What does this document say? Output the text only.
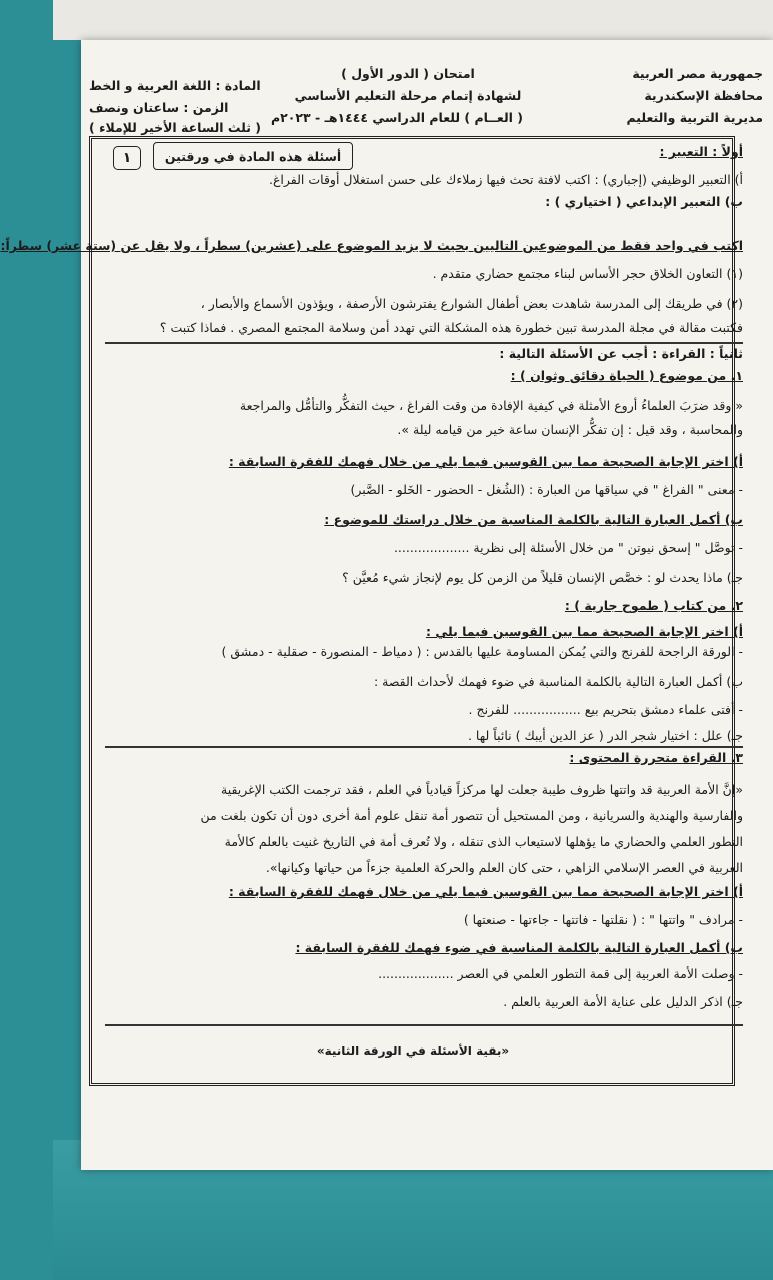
جمهورية مصر العربية
محافظة الإسكندرية
مديرية التربية والتعليم
امتحان ( الدور الأول )
لشهادة إتمام مرحلة التعليم الأساسي
( العــام ) للعام الدراسي ١٤٤٤هـ - ٢٠٢٣م
المادة : اللغة العربية و الخط
الزمن : ساعتان ونصف
( ثلث الساعة الأخير للإملاء )
أسئلة هذه المادة في ورقتين
١	أولاً : التعبير :
أ) التعبير الوظيفي (إجباري) : اكتب لافتة تحث فيها زملاءك على حسن استغلال أوقات الفراغ.
ب) التعبير الإبداعي ( اختياري ) :
اكتب في واحد فقط من الموضوعين التاليين بحيث لا يزيد الموضوع على (عشرين) سطراً ، ولا يقل عن (ستة عشر) سطراً:
(١) التعاون الخلاق حجر الأساس لبناء مجتمع حضاري متقدم .
(٢) في طريقك إلى المدرسة شاهدت بعض أطفال الشوارع يفترشون الأرصفة ، ويؤذون الأسماع والأبصار ،
فكتبت مقالة في مجلة المدرسة تبين خطورة هذه المشكلة التي تهدد أمن وسلامة المجتمع المصري . فماذا كتبت ؟
ثانياً : القراءة : أجب عن الأسئلة التالية :
١. من موضوع ( الحياة دقائق وثوان ) :
« وقد ضرَبَ العلماءُ أروع الأمثلة في كيفية الإفادة من وقت الفراغ ، حيث التفكُّر والتأمُّل والمراجعة
والمحاسبة ، وقد قيل : إن تفكُّر الإنسان ساعة خير من قيامه ليلة ».
أ) اختر الإجابة الصحيحة مما بين القوسين فيما يلي من خلال فهمك للفقرة السابقة :
- معنى " الفراغ " في سياقها من العبارة : (الشُغل - الحضور - الخَلو - الصَّبر)
ب) أكمل العبارة التالية بالكلمة المناسبة من خلال دراستك للموضوع :
- توصَّل " إسحق نيوتن " من خلال الأسئلة إلى نظرية ...................
جـ) ماذا يحدث لو : خصَّص الإنسان قليلاً من الزمن كل يوم لإنجاز شيء مُعيَّن ؟
٢. من كتاب ( طموح جارية ) :
أ) اختر الإجابة الصحيحة مما بين القوسين فيما يلي :
- الورقة الراجحة للفرنج والتي يُمكن المساومة عليها بالقدس : ( دمياط - المنصورة - صقلية - دمشق )
ب) أكمل العبارة التالية بالكلمة المناسبة في ضوء فهمك لأحداث القصة :
- أفتى علماء دمشق بتحريم بيع ................. للفرنج .
جـ) علل : اختيار شجر الدر ( عز الدين أيبك ) نائباً لها .
٣. القراءة متحررة المحتوى :
«إنَّ الأمة العربية قد واتتها ظروف طيبة جعلت لها مركزاً قيادياً في العلم ، فقد ترجمت الكتب الإغريقية
والفارسية والهندية والسريانية ، ومن المستحيل أن تتصور أمة تنقل علوم أمة أخرى دون أن تكون بلغت من
التطور العلمي والحضاري ما يؤهلها لاستيعاب الذى تنقله ، ولا تُعرف أمة في التاريخ غنيت بالعلم كالأمة
العربية في العصر الإسلامي الزاهي ، حتى كان العلم والحركة العلمية جزءاً من حياتها وكيانها».
أ) اختر الإجابة الصحيحة مما بين القوسين فيما يلي من خلال فهمك للفقرة السابقة :
- مرادف " واتتها " : ( نقلتها - فاتتها - جاءتها - صنعتها )
ب) أكمل العبارة التالية بالكلمة المناسبة في ضوء فهمك للفقرة السابقة :
- وصلت الأمة العربية إلى قمة التطور العلمي في العصر ...................
جـ) اذكر الدليل على عناية الأمة العربية بالعلم .
«بقية الأسئلة في الورقة الثانية»
